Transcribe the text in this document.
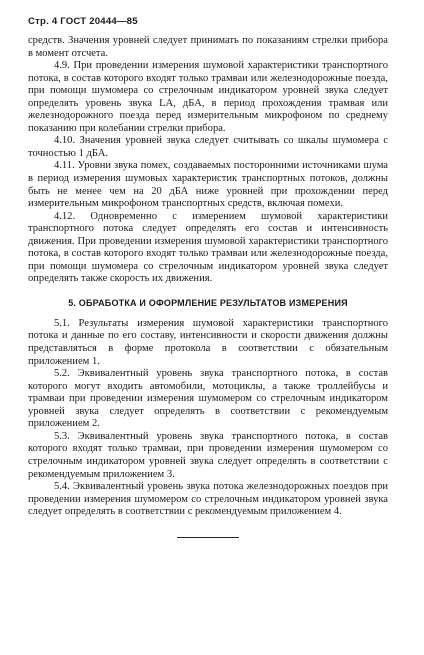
Стр. 4 ГОСТ 20444—85

средств. Значения уровней следует принимать по показаниям стрелки прибора в момент отсчета.

4.9. При проведении измерения шумовой характеристики транспортного потока, в состав которого входят только трамваи или железнодорожные поезда, при помощи шумомера со стрелочным индикатором уровней звука следует определять уровень звука LA, дБА, в период прохождения трамвая или железнодорожного поезда перед измерительным микрофоном по среднему показанию при колебании стрелки прибора.

4.10. Значения уровней звука следует считывать со шкалы шумомера с точностью 1 дБА.

4.11. Уровни звука помех, создаваемых посторонними источниками шума в период измерения шумовых характеристик транспортных потоков, должны быть не менее чем на 20 дБА ниже уровней при прохождении перед измерительным микрофоном транспортных средств, включая помехи.

4.12. Одновременно с измерением шумовой характеристики транспортного потока следует определять его состав и интенсивность движения. При проведении измерения шумовой характеристики транспортного потока, в состав которого входят только трамваи или железнодорожные поезда, при помощи шумомера со стрелочным индикатором уровней звука следует определять также скорость их движения.

5. ОБРАБОТКА И ОФОРМЛЕНИЕ РЕЗУЛЬТАТОВ ИЗМЕРЕНИЯ

5.1. Результаты измерения шумовой характеристики транспортного потока и данные по его составу, интенсивности и скорости движения должны представляться в форме протокола в соответствии с обязательным приложением 1.

5.2. Эквивалентный уровень звука транспортного потока, в состав которого могут входить автомобили, мотоциклы, а также троллейбусы и трамваи при проведении измерения шумомером со стрелочным индикатором уровней звука следует определять в соответствии с рекомендуемым приложением 2.

5.3. Эквивалентный уровень звука транспортного потока, в состав которого входят только трамваи, при проведении измерения шумомером со стрелочным индикатором уровней звука следует определять в соответствии с рекомендуемым приложением 3.

5.4. Эквивалентный уровень звука потока железнодорожных поездов при проведении измерения шумомером со стрелочным индикатором уровней звука следует определять в соответствии с рекомендуемым приложением 4.
